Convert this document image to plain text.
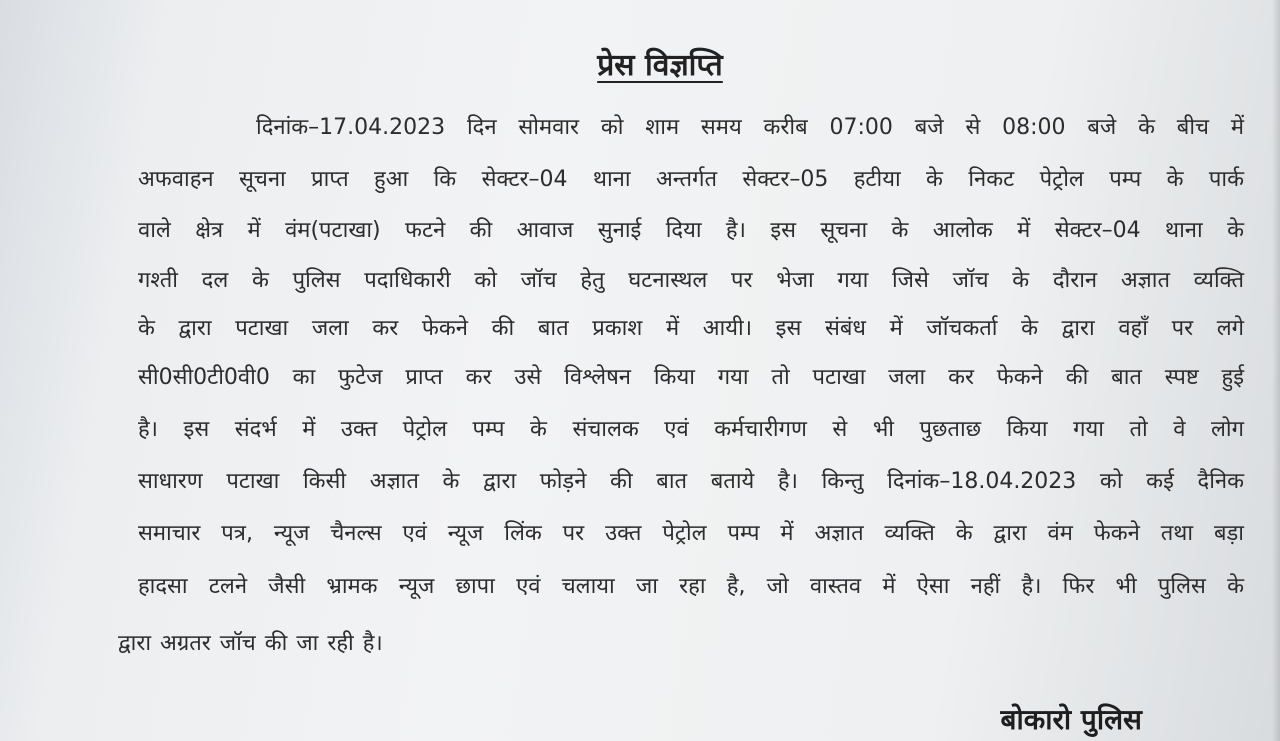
प्रेस विज्ञप्ति
दिनांक–17.04.2023 दिन सोमवार को शाम समय करीब 07:00 बजे से 08:00 बजे के बीच में
अफवाहन सूचना प्राप्त हुआ कि सेक्टर–04 थाना अन्तर्गत सेक्टर–05 हटीया के निकट पेट्रोल पम्प के पार्क
वाले क्षेत्र में वंम(पटाखा) फटने की आवाज सुनाई दिया है। इस सूचना के आलोक में सेक्टर–04 थाना के
गश्ती दल के पुलिस पदाधिकारी को जॉच हेतु घटनास्थल पर भेजा गया जिसे जॉच के दौरान अज्ञात व्यक्ति
के द्वारा पटाखा जला कर फेकने की बात प्रकाश में आयी। इस संबंध में जॉचकर्ता के द्वारा वहाँ पर लगे
सी0सी0टी0वी0 का फुटेज प्राप्त कर उसे विश्लेषन किया गया तो पटाखा जला कर फेकने की बात स्पष्ट हुई
है। इस संदर्भ में उक्त पेट्रोल पम्प के संचालक एवं कर्मचारीगण से भी पुछताछ किया गया तो वे लोग
साधारण पटाखा किसी अज्ञात के द्वारा फोड़ने की बात बताये है। किन्तु दिनांक–18.04.2023 को कई दैनिक
समाचार पत्र, न्यूज चैनल्स एवं न्यूज लिंक पर उक्त पेट्रोल पम्प में अज्ञात व्यक्ति के द्वारा वंम फेकने तथा बड़ा
हादसा टलने जैसी भ्रामक न्यूज छापा एवं चलाया जा रहा है, जो वास्तव में ऐसा नहीं है। फिर भी पुलिस के
द्वारा अग्रतर जॉच की जा रही है।
बोकारो पुलिस
